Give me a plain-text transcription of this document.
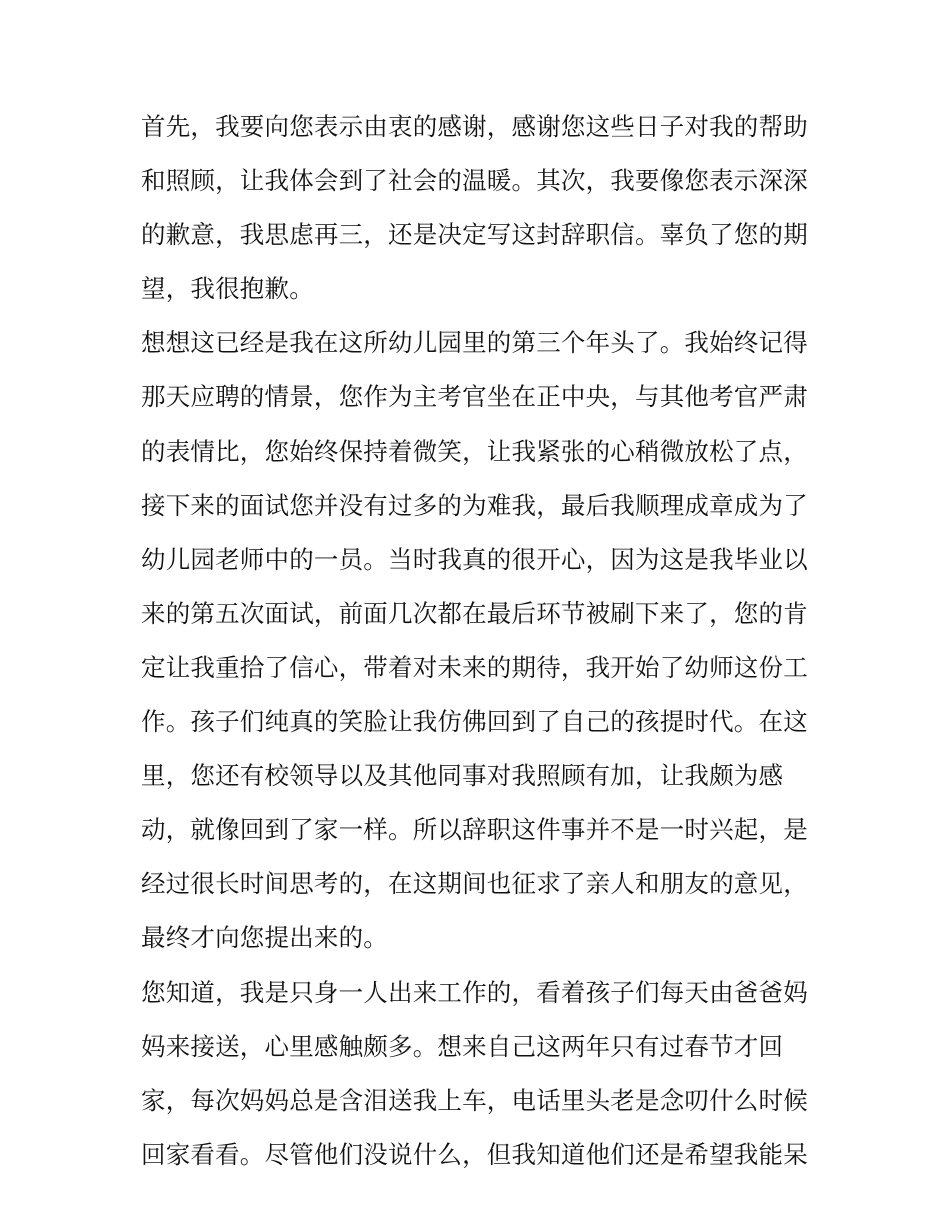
首先，我要向您表示由衷的感谢，感谢您这些日子对我的帮助
和照顾，让我体会到了社会的温暖。其次，我要像您表示深深
的歉意，我思虑再三，还是决定写这封辞职信。辜负了您的期
望，我很抱歉。
想想这已经是我在这所幼儿园里的第三个年头了。我始终记得
那天应聘的情景，您作为主考官坐在正中央，与其他考官严肃
的表情比，您始终保持着微笑，让我紧张的心稍微放松了点，
接下来的面试您并没有过多的为难我，最后我顺理成章成为了
幼儿园老师中的一员。当时我真的很开心，因为这是我毕业以
来的第五次面试，前面几次都在最后环节被刷下来了，您的肯
定让我重拾了信心，带着对未来的期待，我开始了幼师这份工
作。孩子们纯真的笑脸让我仿佛回到了自己的孩提时代。在这
里，您还有校领导以及其他同事对我照顾有加，让我颇为感
动，就像回到了家一样。所以辞职这件事并不是一时兴起，是
经过很长时间思考的，在这期间也征求了亲人和朋友的意见，
最终才向您提出来的。
您知道，我是只身一人出来工作的，看着孩子们每天由爸爸妈
妈来接送，心里感触颇多。想来自己这两年只有过春节才回
家，每次妈妈总是含泪送我上车，电话里头老是念叨什么时候
回家看看。尽管他们没说什么，但我知道他们还是希望我能呆
